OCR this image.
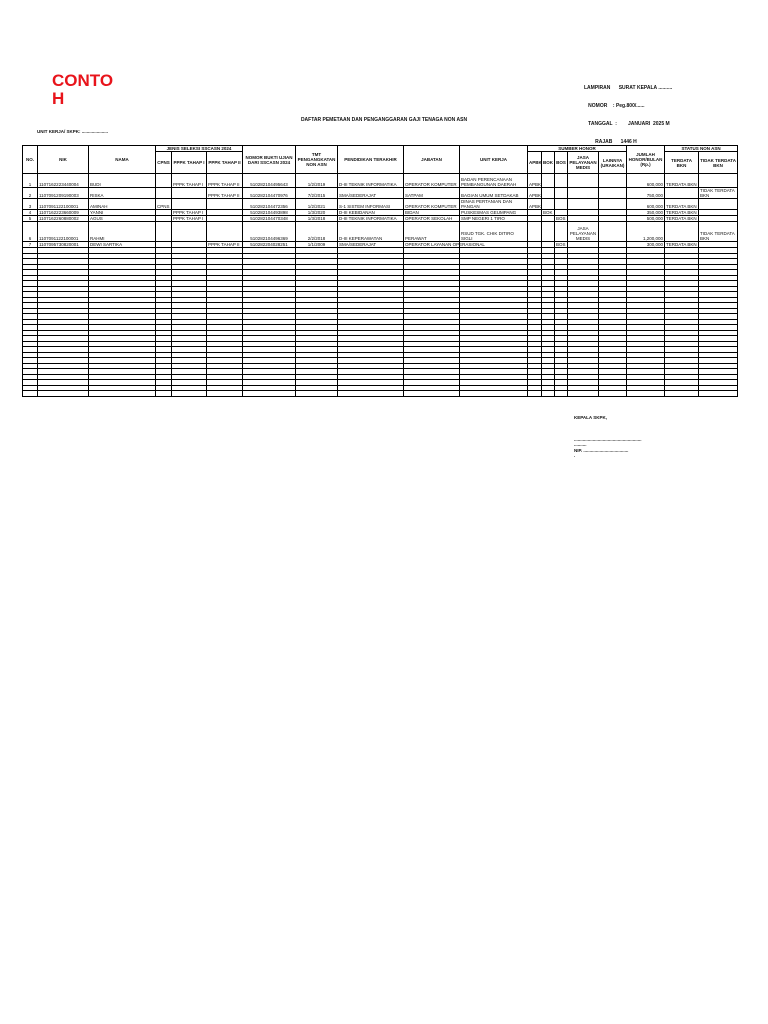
CONTO H

LAMPIRAN      SURAT KEPALA ..........

NOMOR    : Peg.800/......

TANGGAL  :        JANUARI  2025 M

RAJAB      1446 H

DAFTAR PEMETAAN DAN PENGANGGARAN GAJI TENAGA NON ASN
UNIT KERJA/ SKPK: .....................
NO.	NIK	NAMA	JENIS SELEKSI SSCASN 2024			NOMOR BUKTI UJIAN DARI SSCASN 2024	TMT PENGANGKATAN NON ASN	PENDIDIKAN TERAKHIR	JABATAN	UNIT KERJA	SUMBER HONOR					JUMLAH HONOR/BULAN (Rp.)	STATUS NON ASN	
			CPNS	PPPK TAHAP I	PPPK TAHAP II						APBK	BOK	BOS	JASA PELAYANAN MEDIS	LAINNYA (URAIKAN)		TERDATA BKN	TIDAK TERDATA BKN
1	1107162223440004	BUDI		PPPK TAHAP I	PPPK TAHAP II	510282104495643	1/2/2019	D-III TEKNIK INFORMATIKA	OPERATOR KOMPUTER	BADAN PERENCANAAN PEMBANGUNAN DAERAH	APBK					600,000	TERDATA BKN	
2	1107091209190003	RISKA			PPPK TAHAP II	510282104470976	7/2/2015	SMA/SEDERAJAT	SATPAM	BAGIAN UMUM SETDAKAB	APBK					750,000		TIDAK TERDATA BKN
3	1107091122100001	AMINAH	CPNS			510282104472356	1/2/2021	S-1 SISTEM INFORMASI	OPERATOR KOMPUTER	DINAS PERTANIAN DAN PANGAN	APBK					600,000	TERDATA BKN	
4	1107162223660009	YANNI		PPPK TAHAP I		510282104493898	1/3/2020	D-III KEBIDANAN	BIDAN	PUSKESMAS GEUMPANG		BOK				350,000	TERDATA BKN	
5	1107162260880002	AGUS		PPPK TAHAP I		510282104470348	1/3/2018	D-III TEKNIK INFORMATIKA	OPERATOR SEKOLAH	SMP NEGERI 1 TIRO			BOS			500,000	TERDATA BKN	
6	1107091122100001	RAHMI				510282104496369	2/2/2018	D-III KEPERAWATAN	PERAWAT	RSUD TGK. CHIK DITIRO SIGLI				JASA PELAYANAN MEDIS		1,200,000		TIDAK TERDATA BKN
7	1107095730820001	DEWI SARTIKA			PPPK TAHAP II	510282204028251	1/1/2009	SMA/SEDERAJAT	OPERATOR LAYANAN OPERASIONAL				BOS			300,000	TERDATA BKN	

KEPALA SKPK,
......................................................
..........
NIP. ....................................
.
